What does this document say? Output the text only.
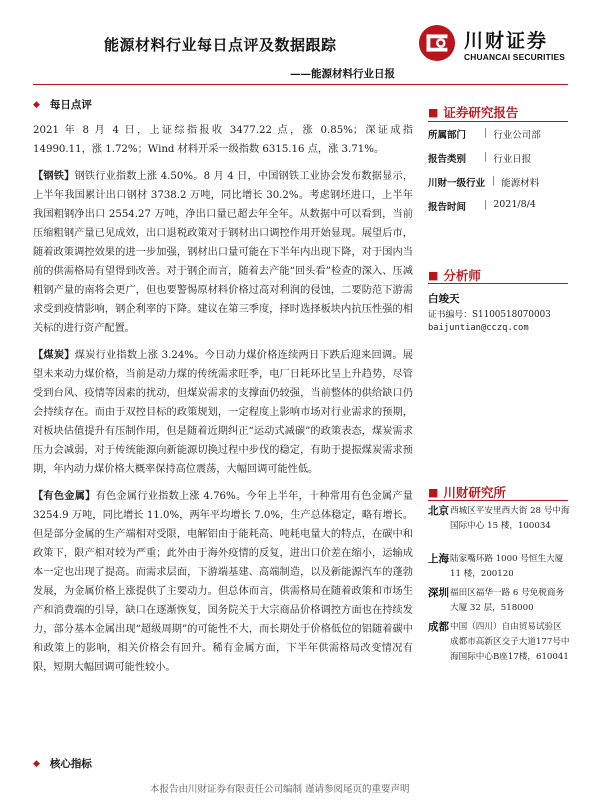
能源材料行业每日点评及数据跟踪
——能源材料行业日报
川财证券
CHUANCAI SECURITIES
◆ 每日点评

2021 年 8 月 4 日，上证综指报收 3477.22 点，涨 0.85%；深证成指 14990.11，涨 1.72%；Wind 材料开采一级指数 6315.16 点，涨 3.71%。

【钢铁】钢铁行业指数上涨 4.50%。8 月 4 日，中国钢铁工业协会发布数据显示，上半年我国累计出口钢材 3738.2 万吨，同比增长 30.2%。考虑钢坯进口，上半年我国粗钢净出口 2554.27 万吨，净出口量已超去年全年。从数据中可以看到，当前压缩粗钢产量已见成效，出口退税政策对于钢材出口调控作用开始显现。展望后市，随着政策调控效果的进一步加强，钢材出口量可能在下半年内出现下降，对于国内当前的供需格局有望得到改善。对于钢企而言，随着去产能“回头看”检查的深入、压减粗钢产量的南将会更广，但也要警惕原材料价格过高对利润的侵蚀，二要防范下游需求受到疫情影响，钢企利率的下降。建议在第三季度，择时选择板块内抗压性强的相关标的进行资产配置。

【煤炭】煤炭行业指数上涨 3.24%。今日动力煤价格连续两日下跌后迎来回调。展望未来动力煤价格，当前是动力煤的传统需求旺季，电厂日耗环比呈上升趋势，尽管受到台风、疫情等因素的扰动，但煤炭需求的支撑面仍较强，当前整体的供给缺口仍会持续存在。而由于双控目标的政策规划，一定程度上影响市场对行业需求的预期，对板块估值提升有压制作用，但是随着近期纠正“运动式减碳”的政策表态，煤炭需求压力会减弱，对于传统能源向新能源切换过程中步伐的稳定，有助于提振煤炭需求预期，年内动力煤价格大概率保持高位震荡，大幅回调可能性低。

【有色金属】有色金属行业指数上涨 4.76%。今年上半年，十种常用有色金属产量 3254.9 万吨，同比增长 11.0%，两年平均增长 7.0%，生产总体稳定，略有增长。但是部分金属的生产端相对受限，电解铝由于能耗高、吨耗电量大的特点，在碳中和政策下，限产相对较为严重；此外由于海外疫情的反复，进出口价差在缩小，运输成本一定也出现了提高。而需求层面，下游端基建、高端制造，以及新能源汽车的蓬勃发展，为金属价格上涨提供了主要动力。但总体而言，供需格局在随着政策和市场生产和消费端的引导，缺口在逐渐恢复，国务院关于大宗商品价格调控方面也在持续发力，部分基本金属出现“超级周期”的可能性不大，而长期处于价格低位的铝随着碳中和政策上的影响，相关价格会有回升。稀有金属方面，下半年供需格局改变情况有限，短期大幅回调可能性较小。

◆ 核心指标
■ 证券研究报告
所属部门	| 行业公司部
报告类别	| 行业日报
川财一级行业 | 能源材料
报告时间	| 2021/8/4
■ 分析师
白竣天
证书编号：S1100518070003
baijuntian@cczq.com
■ 川财研究所
北京 西城区平安里西大街 28 号中海国际中心 15 楼，100034
上海 陆家嘴环路 1000 号恒生大厦 11 楼，200120
深圳 福田区福华一路 6 号免税商务大厦 32 层，518000
成都 中国（四川）自由贸易试验区成都市高新区交子大道177号中海国际中心B座17楼，610041
本报告由川财证券有限责任公司编制 谨请参阅尾页的重要声明
